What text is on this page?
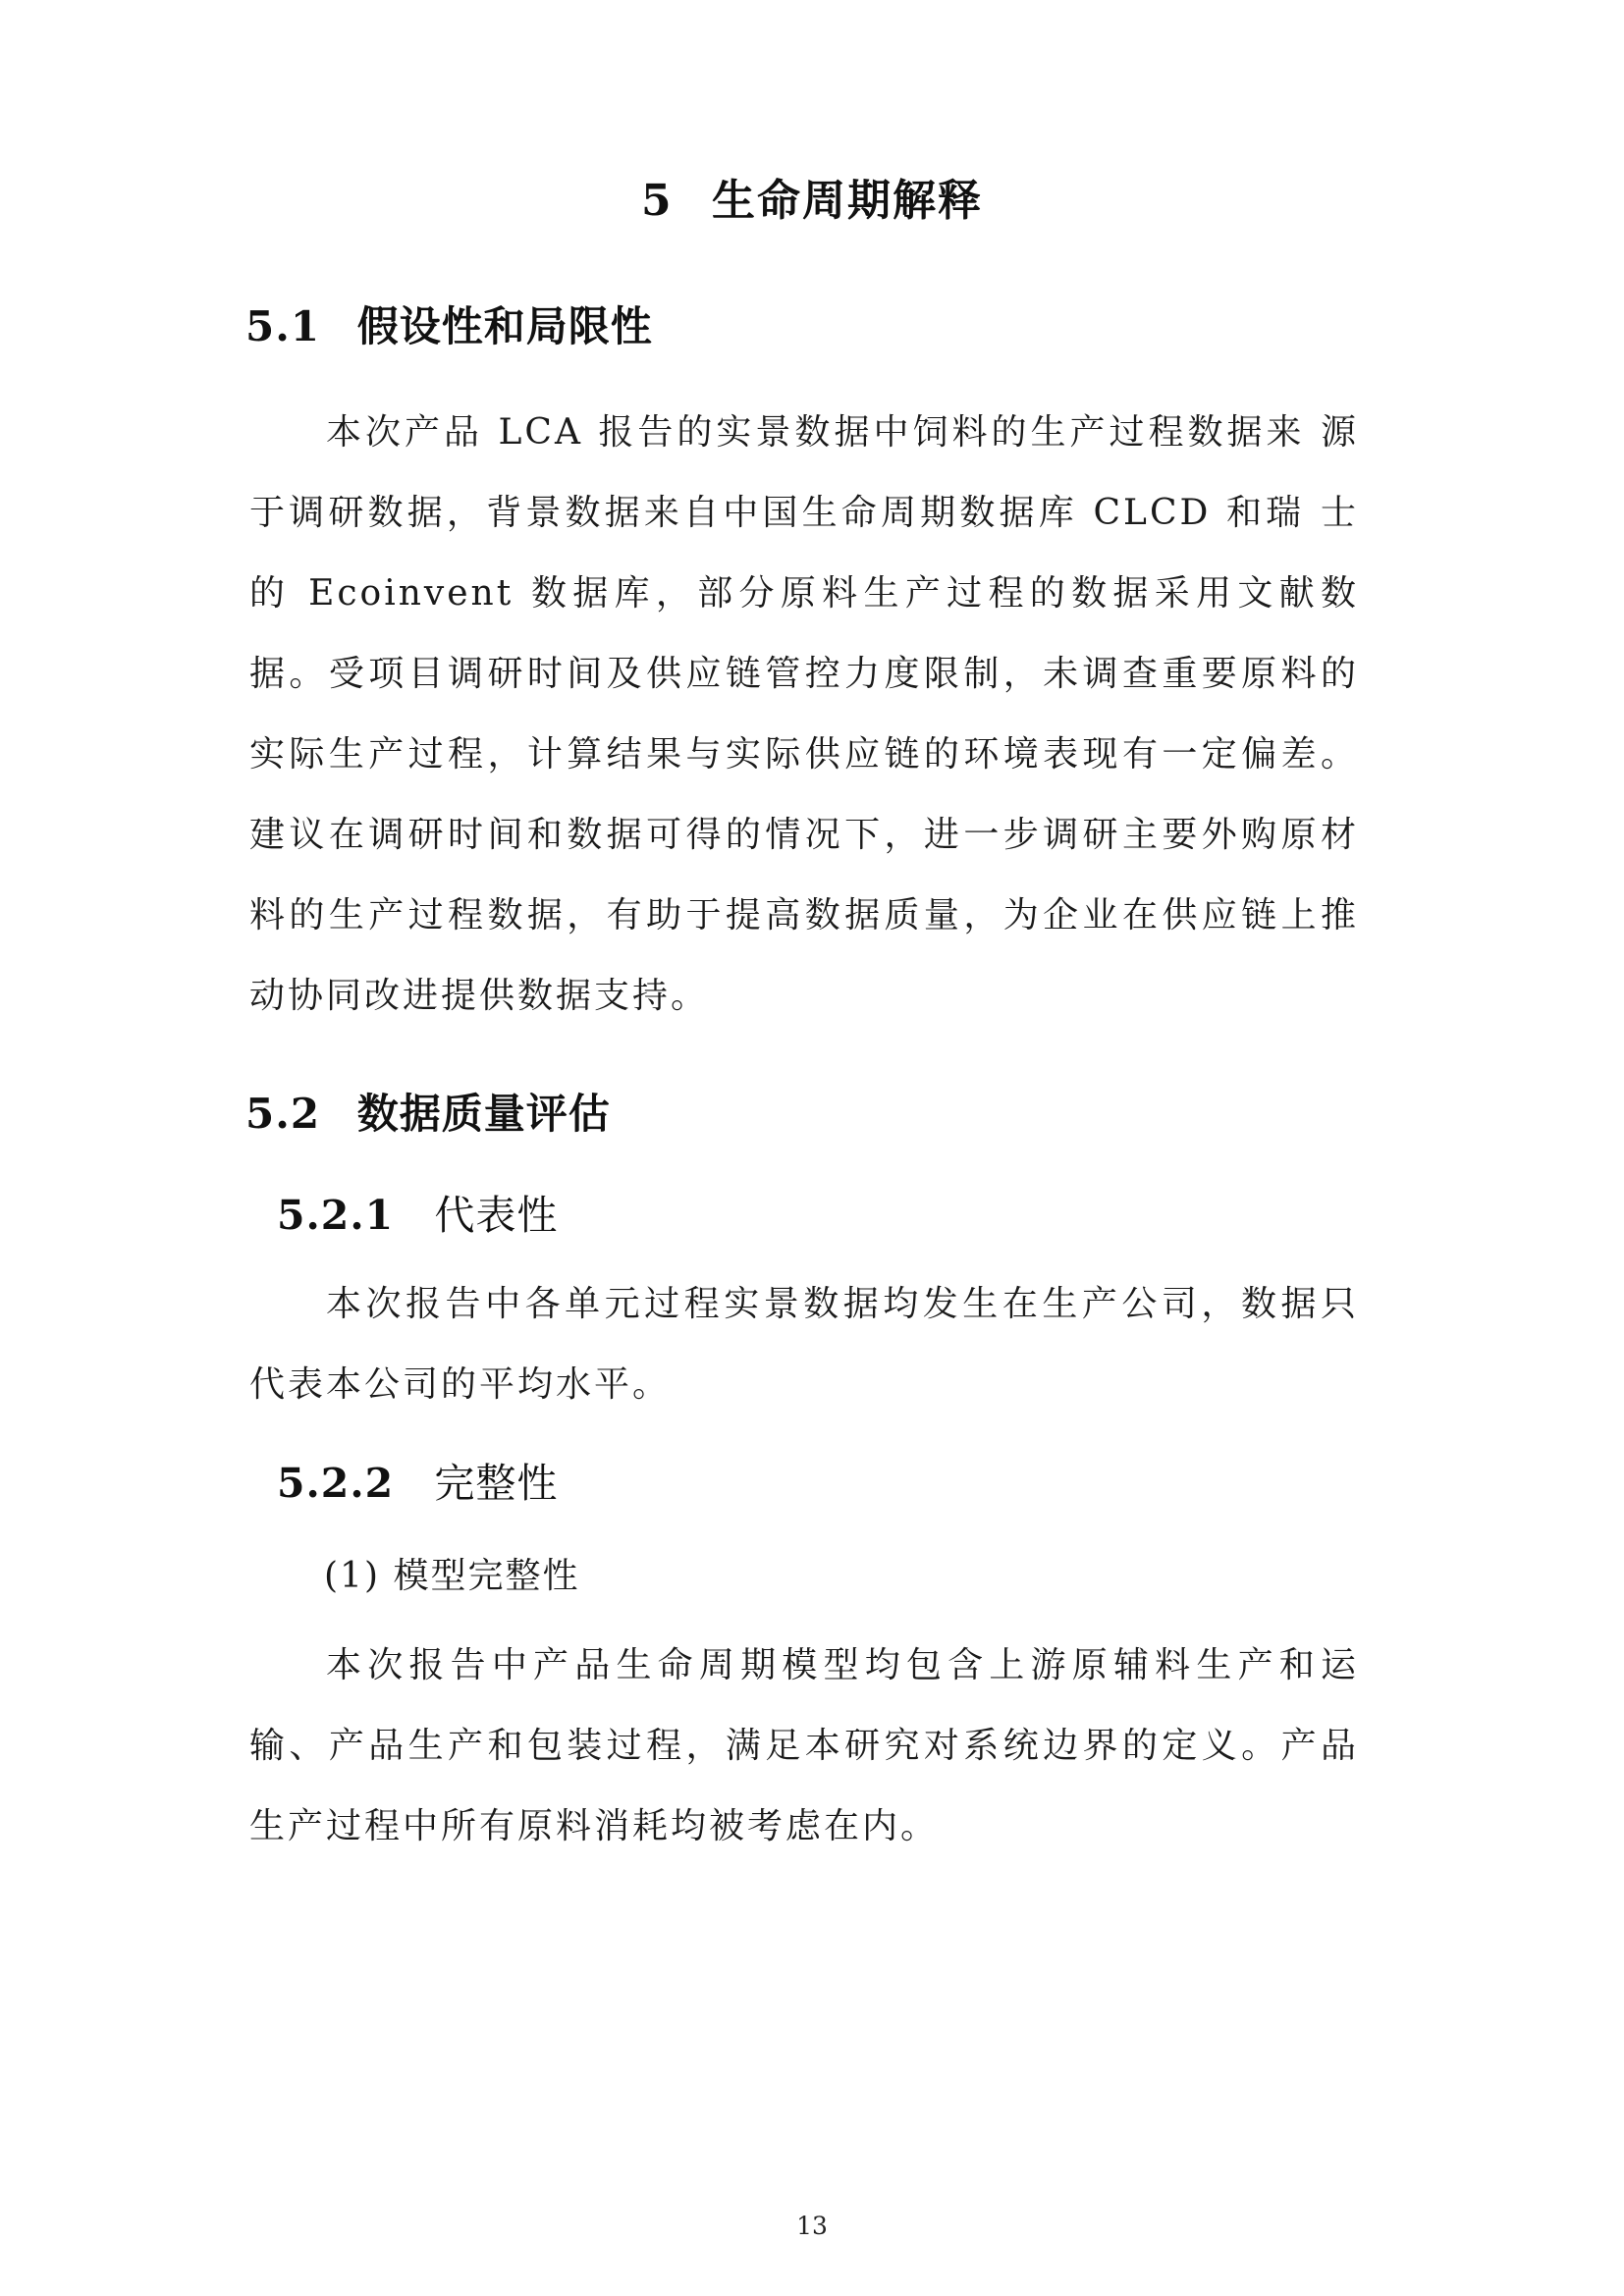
5 生命周期解释
5.1 假设性和局限性

本次产品 LCA 报告的实景数据中饲料的生产过程数据来 源于调研数据，背景数据来自中国生命周期数据库 CLCD 和瑞 士的 Ecoinvent 数据库，部分原料生产过程的数据采用文献数 据。受项目调研时间及供应链管控力度限制，未调查重要原料的 实际生产过程，计算结果与实际供应链的环境表现有一定偏差。 建议在调研时间和数据可得的情况下，进一步调研主要外购原材 料的生产过程数据，有助于提高数据质量，为企业在供应链上推 动协同改进提供数据支持。

5.2 数据质量评估
5.2.1 代表性

本次报告中各单元过程实景数据均发生在生产公司，数据只代表本公司的平均水平。

5.2.2 完整性
(1) 模型完整性

本次报告中产品生命周期模型均包含上游原辅料生产和运 输、产品生产和包装过程，满足本研究对系统边界的定义。产品 生产过程中所有原料消耗均被考虑在内。

13
